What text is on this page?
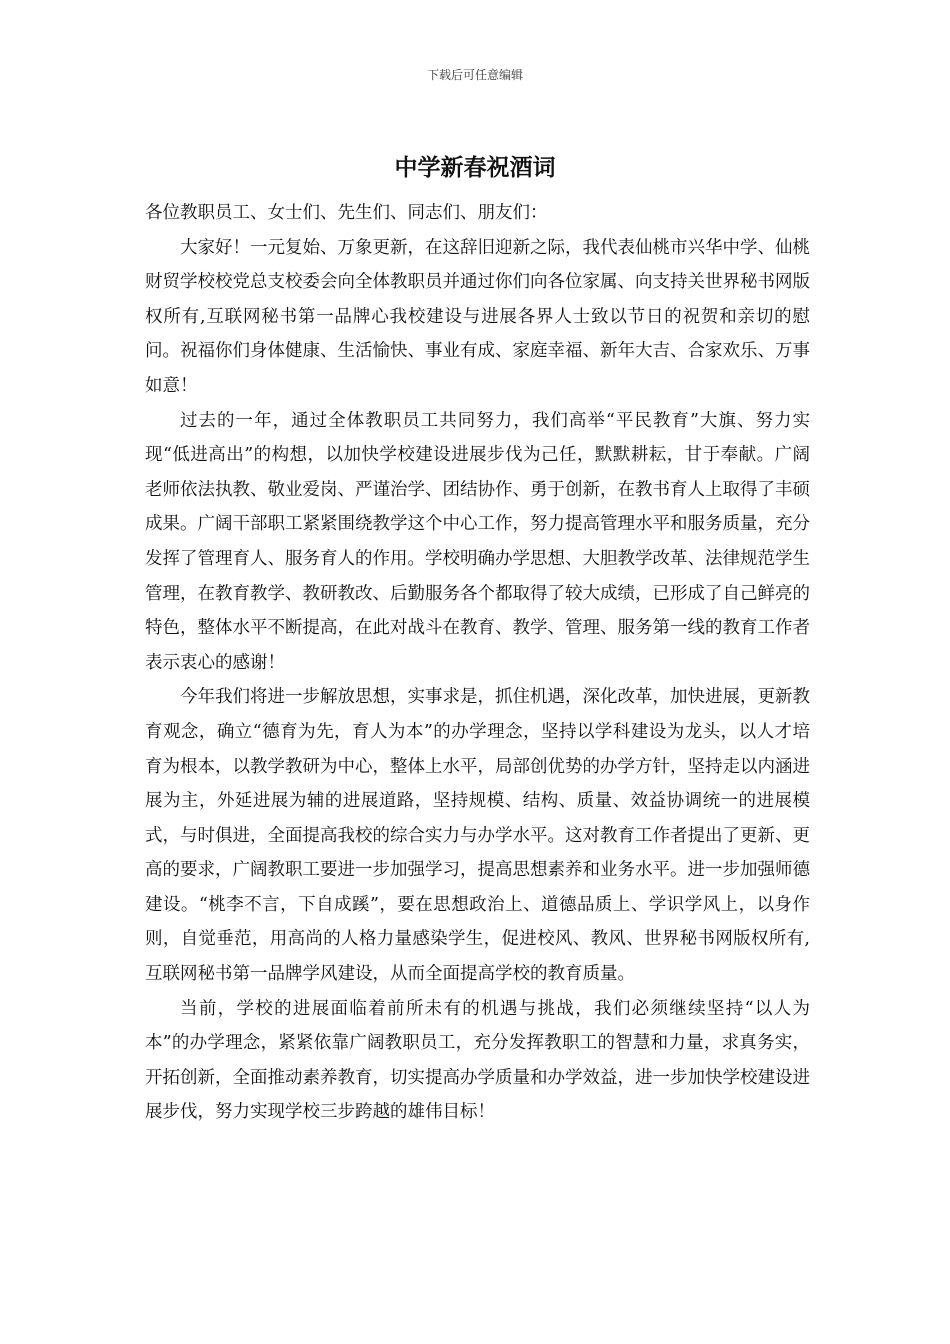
下载后可任意编辑
中学新春祝酒词

各位教职员工、女士们、先生们、同志们、朋友们：

大家好！一元复始、万象更新，在这辞旧迎新之际，我代表仙桃市兴华中学、仙桃财贸学校校党总支校委会向全体教职员并通过你们向各位家属、向支持关世界秘书网版权所有,互联网秘书第一品牌心我校建设与进展各界人士致以节日的祝贺和亲切的慰问。祝福你们身体健康、生活愉快、事业有成、家庭幸福、新年大吉、合家欢乐、万事如意！

过去的一年，通过全体教职员工共同努力，我们高举“平民教育”大旗、努力实现“低进高出”的构想，以加快学校建设进展步伐为己任，默默耕耘，甘于奉献。广阔老师依法执教、敬业爱岗、严谨治学、团结协作、勇于创新，在教书育人上取得了丰硕成果。广阔干部职工紧紧围绕教学这个中心工作，努力提高管理水平和服务质量，充分发挥了管理育人、服务育人的作用。学校明确办学思想、大胆教学改革、法律规范学生管理，在教育教学、教研教改、后勤服务各个都取得了较大成绩，已形成了自己鲜亮的特色，整体水平不断提高，在此对战斗在教育、教学、管理、服务第一线的教育工作者表示衷心的感谢！

今年我们将进一步解放思想，实事求是，抓住机遇，深化改革，加快进展，更新教育观念，确立“德育为先，育人为本”的办学理念，坚持以学科建设为龙头，以人才培育为根本，以教学教研为中心，整体上水平，局部创优势的办学方针，坚持走以内涵进展为主，外延进展为辅的进展道路，坚持规模、结构、质量、效益协调统一的进展模式，与时俱进，全面提高我校的综合实力与办学水平。这对教育工作者提出了更新、更高的要求，广阔教职工要进一步加强学习，提高思想素养和业务水平。进一步加强师德建设。“桃李不言，下自成蹊”，要在思想政治上、道德品质上、学识学风上，以身作则，自觉垂范，用高尚的人格力量感染学生，促进校风、教风、世界秘书网版权所有,互联网秘书第一品牌学风建设，从而全面提高学校的教育质量。

当前，学校的进展面临着前所未有的机遇与挑战，我们必须继续坚持“以人为本”的办学理念，紧紧依靠广阔教职员工，充分发挥教职工的智慧和力量，求真务实，开拓创新，全面推动素养教育，切实提高办学质量和办学效益，进一步加快学校建设进展步伐，努力实现学校三步跨越的雄伟目标！
